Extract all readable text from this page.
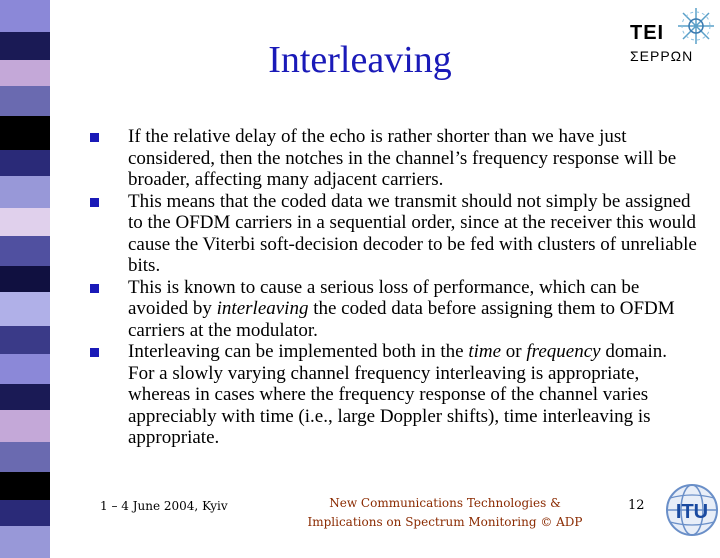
Interleaving
TEI
ΣΕΡΡΩΝ
If the relative delay of the echo is rather shorter than we have just considered, then the notches in the channel’s frequency response will be broader, affecting many adjacent carriers.
This means that the coded data we transmit should not simply be assigned to the OFDM carriers in a sequential order, since at the receiver this would cause the Viterbi soft-decision decoder to be fed with clusters of unreliable bits.
This is known to cause a serious loss of performance, which can be avoided by interleaving the coded data before assigning them to OFDM carriers at the modulator.
Interleaving can be implemented both in the time or frequency domain. For a slowly varying channel frequency interleaving is appropriate, whereas in cases where the frequency response of the channel varies appreciably with time (i.e., large Doppler shifts), time interleaving is appropriate.
1 – 4 June 2004, Kyiv	New Communications Technologies &
Implications on Spectrum Monitoring © ADP
12 ITU
